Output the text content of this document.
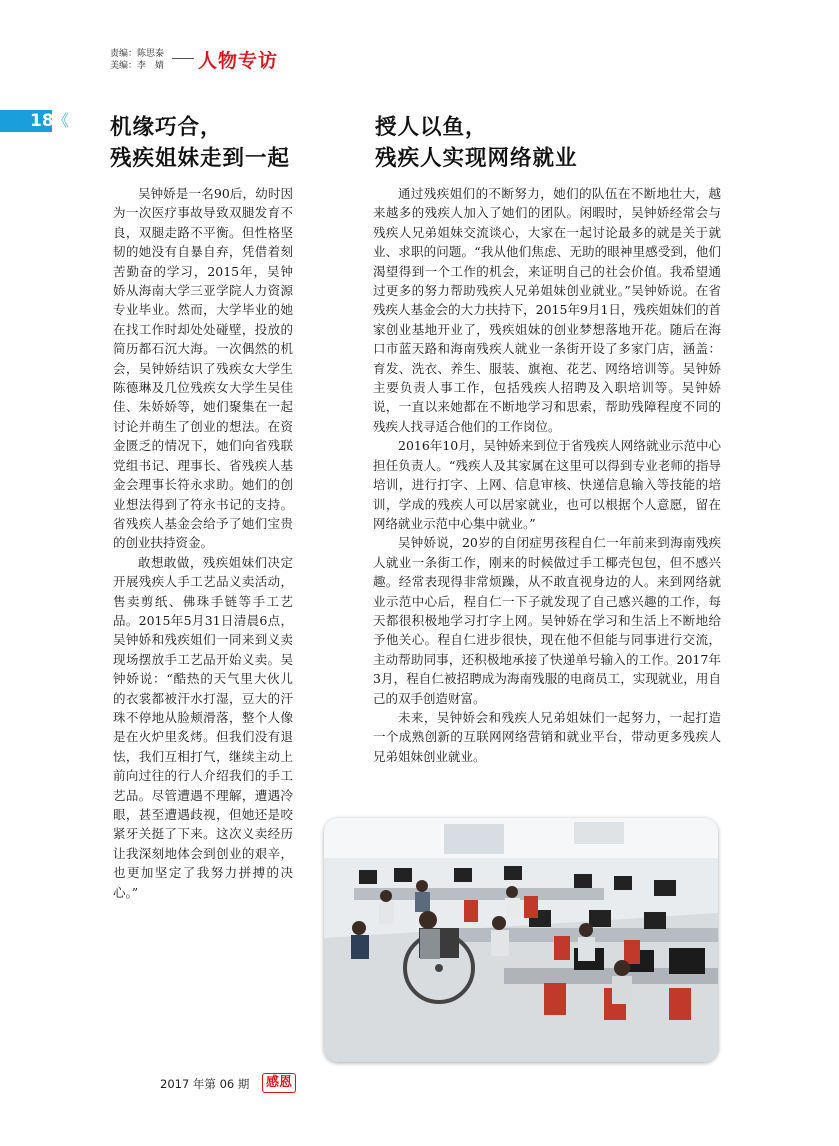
责编：陈思泰
美编：李　婧 人物专访
18 《 机缘巧合，
残疾姐妹走到一起
授人以鱼，
残疾人实现网络就业

吴钟娇是一名90后，幼时因为一次医疗事故导致双腿发育不良，双腿走路不平衡。但性格坚韧的她没有自暴自弃，凭借着刻苦勤奋的学习，2015年，吴钟娇从海南大学三亚学院人力资源专业毕业。然而，大学毕业的她在找工作时却处处碰壁，投放的简历都石沉大海。一次偶然的机会，吴钟娇结识了残疾女大学生陈德琳及几位残疾女大学生吴佳佳、朱娇娇等，她们聚集在一起讨论并萌生了创业的想法。在资金匮乏的情况下，她们向省残联党组书记、理事长、省残疾人基金会理事长符永求助。她们的创业想法得到了符永书记的支持。省残疾人基金会给予了她们宝贵的创业扶持资金。

敢想敢做，残疾姐妹们决定开展残疾人手工艺品义卖活动，售卖剪纸、佛珠手链等手工艺品。2015年5月31日清晨6点，吴钟娇和残疾姐们一同来到义卖现场摆放手工艺品开始义卖。吴钟娇说：“酷热的天气里大伙儿的衣裳都被汗水打湿，豆大的汗珠不停地从脸颊滑落，整个人像是在火炉里炙烤。但我们没有退怯，我们互相打气，继续主动上前向过往的行人介绍我们的手工艺品。尽管遭遇不理解，遭遇冷眼，甚至遭遇歧视，但她还是咬紧牙关挺了下来。这次义卖经历让我深刻地体会到创业的艰辛，也更加坚定了我努力拼搏的决心。”

通过残疾姐们的不断努力，她们的队伍在不断地壮大，越来越多的残疾人加入了她们的团队。闲暇时，吴钟娇经常会与残疾人兄弟姐妹交流谈心，大家在一起讨论最多的就是关于就业、求职的问题。“我从他们焦虑、无助的眼神里感受到，他们渴望得到一个工作的机会，来证明自己的社会价值。我希望通过更多的努力帮助残疾人兄弟姐妹创业就业。”吴钟娇说。在省残疾人基金会的大力扶持下，2015年9月1日，残疾姐妹们的首家创业基地开业了，残疾姐妹的创业梦想落地开花。随后在海口市蓝天路和海南残疾人就业一条街开设了多家门店，涵盖：育发、洗衣、养生、服装、旗袍、花艺、网络培训等。吴钟娇主要负责人事工作，包括残疾人招聘及入职培训等。吴钟娇说，一直以来她都在不断地学习和思索，帮助残障程度不同的残疾人找寻适合他们的工作岗位。

2016年10月，吴钟娇来到位于省残疾人网络就业示范中心担任负责人。“残疾人及其家属在这里可以得到专业老师的指导培训，进行打字、上网、信息审核、快递信息输入等技能的培训，学成的残疾人可以居家就业，也可以根据个人意愿，留在网络就业示范中心集中就业。”

吴钟娇说，20岁的自闭症男孩程自仁一年前来到海南残疾人就业一条街工作，刚来的时候做过手工椰壳包包，但不感兴趣。经常表现得非常烦躁，从不敢直视身边的人。来到网络就业示范中心后，程自仁一下子就发现了自己感兴趣的工作，每天都很积极地学习打字上网。吴钟娇在学习和生活上不断地给予他关心。程自仁进步很快，现在他不但能与同事进行交流，主动帮助同事，还积极地承接了快递单号输入的工作。2017年3月，程自仁被招聘成为海南残服的电商员工，实现就业，用自己的双手创造财富。

未来，吴钟娇会和残疾人兄弟姐妹们一起努力，一起打造一个成熟创新的互联网网络营销和就业平台，带动更多残疾人兄弟姐妹创业就业。

2017 年第 06 期	感恩
